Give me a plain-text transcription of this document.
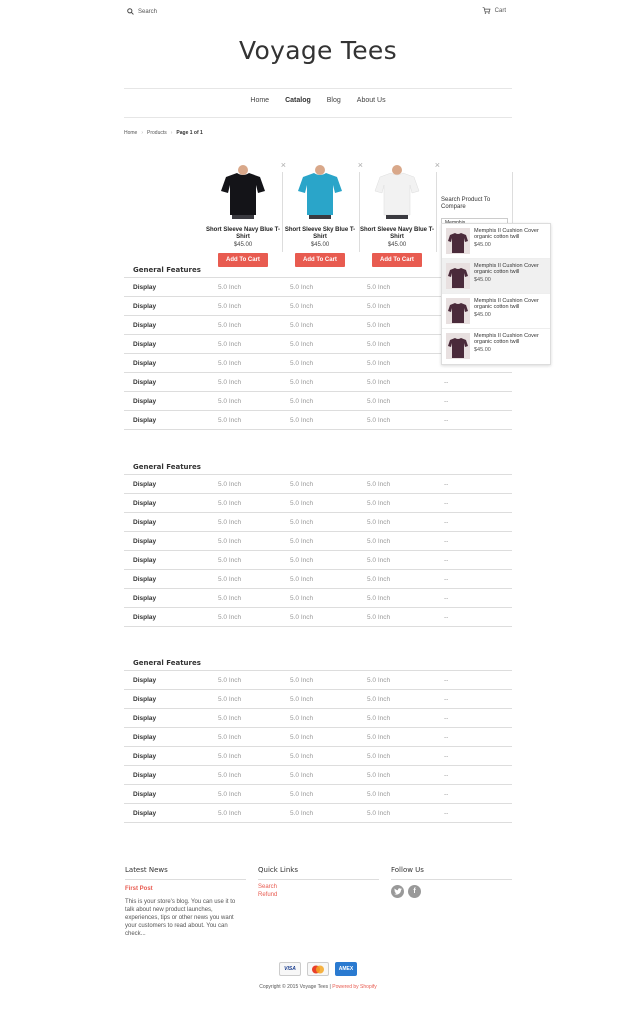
Search	Cart
Voyage Tees
Home Catalog Blog About Us
Home › Products › Page 1 of 1
×
Short Sleeve Navy Blue T-Shirt
$45.00
Add To Cart
×
Short Sleeve Sky Blue T-Shirt
$45.00
Add To Cart
×
Short Sleeve Navy Blue T-Shirt
$45.00
Add To Cart
Search Product To Compare
Memphis
Memphis II Cushion Cover organic cotton twill
$45.00
Memphis II Cushion Cover organic cotton twill
$45.00
Memphis II Cushion Cover organic cotton twill
$45.00
Memphis II Cushion Cover organic cotton twill
$45.00
General Features
Display	5.0 Inch	5.0 Inch	5.0 Inch
Display	5.0 Inch	5.0 Inch	5.0 Inch
Display	5.0 Inch	5.0 Inch	5.0 Inch
Display	5.0 Inch	5.0 Inch	5.0 Inch
Display	5.0 Inch	5.0 Inch	5.0 Inch
Display	5.0 Inch	5.0 Inch	5.0 Inch	--
Display	5.0 Inch	5.0 Inch	5.0 Inch	--
Display	5.0 Inch	5.0 Inch	5.0 Inch	--
General Features
Display	5.0 Inch	5.0 Inch	5.0 Inch	--
Display	5.0 Inch	5.0 Inch	5.0 Inch	--
Display	5.0 Inch	5.0 Inch	5.0 Inch	--
Display	5.0 Inch	5.0 Inch	5.0 Inch	--
Display	5.0 Inch	5.0 Inch	5.0 Inch	--
Display	5.0 Inch	5.0 Inch	5.0 Inch	--
Display	5.0 Inch	5.0 Inch	5.0 Inch	--
Display	5.0 Inch	5.0 Inch	5.0 Inch	--
General Features
Display	5.0 Inch	5.0 Inch	5.0 Inch	--
Display	5.0 Inch	5.0 Inch	5.0 Inch	--
Display	5.0 Inch	5.0 Inch	5.0 Inch	--
Display	5.0 Inch	5.0 Inch	5.0 Inch	--
Display	5.0 Inch	5.0 Inch	5.0 Inch	--
Display	5.0 Inch	5.0 Inch	5.0 Inch	--
Display	5.0 Inch	5.0 Inch	5.0 Inch	--
Display	5.0 Inch	5.0 Inch	5.0 Inch	--
Latest News
First Post
This is your store's blog. You can use it to talk about new product launches, experiences, tips or other news you want your customers to read about. You can check...
Quick Links
Search
Refund
Follow Us
f
VISA	AMEX
Copyright © 2015 Voyage Tees | Powered by Shopify
